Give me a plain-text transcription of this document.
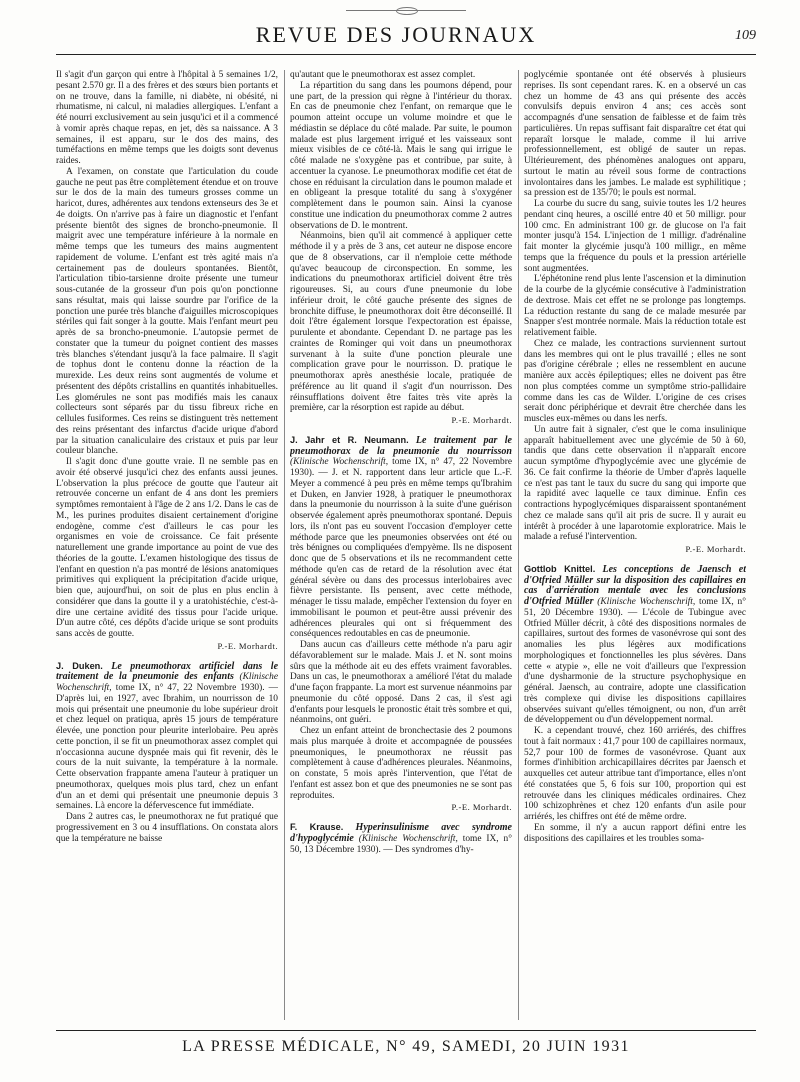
REVUE DES JOURNAUX	109

Il s'agit d'un garçon qui entre à l'hôpital à 5 semaines 1/2, pesant 2.570 gr. Il a des frères et des sœurs bien portants et on ne trouve, dans la famille, ni diabète, ni obésité, ni rhumatisme, ni calcul, ni maladies allergiques. L'enfant a été nourri exclusivement au sein jusqu'ici et il a commencé à vomir après chaque repas, en jet, dès sa naissance. A 3 semaines, il est apparu, sur le dos des mains, des tuméfactions en même temps que les doigts sont devenus raides.

A l'examen, on constate que l'articulation du coude gauche ne peut pas être complètement étendue et on trouve sur le dos de la main des tumeurs grosses comme un haricot, dures, adhérentes aux tendons extenseurs des 3e et 4e doigts. On n'arrive pas à faire un diagnostic et l'enfant présente bientôt des signes de broncho-pneumonie. Il maigrit avec une température inférieure à la normale en même temps que les tumeurs des mains augmentent rapidement de volume. L'enfant est très agité mais n'a certainement pas de douleurs spontanées. Bientôt, l'articulation tibio-tarsienne droite présente une tumeur sous-cutanée de la grosseur d'un pois qu'on ponctionne sans résultat, mais qui laisse sourdre par l'orifice de la ponction une purée très blanche d'aiguilles microscopiques stériles qui fait songer à la goutte. Mais l'enfant meurt peu après de sa broncho-pneumonie. L'autopsie permet de constater que la tumeur du poignet contient des masses très blanches s'étendant jusqu'à la face palmaire. Il s'agit de tophus dont le contenu donne la réaction de la murexide. Les deux reins sont augmentés de volume et présentent des dépôts cristallins en quantités inhabituelles. Les glomérules ne sont pas modifiés mais les canaux collecteurs sont séparés par du tissu fibreux riche en cellules fusiformes. Ces reins se distinguent très nettement des reins présentant des infarctus d'acide urique d'abord par la situation canaliculaire des cristaux et puis par leur couleur blanche.

Il s'agit donc d'une goutte vraie. Il ne semble pas en avoir été observé jusqu'ici chez des enfants aussi jeunes. L'observation la plus précoce de goutte que l'auteur ait retrouvée concerne un enfant de 4 ans dont les premiers symptômes remontaient à l'âge de 2 ans 1/2. Dans le cas de M., les purines produites disaient certainement d'origine endogène, comme c'est d'ailleurs le cas pour les organismes en voie de croissance. Ce fait présente naturellement une grande importance au point de vue des théories de la goutte. L'examen histologique des tissus de l'enfant en question n'a pas montré de lésions anatomiques primitives qui expliquent la précipitation d'acide urique, bien que, aujourd'hui, on soit de plus en plus enclin à considérer que dans la goutte il y a uratohistéchie, c'est-à-dire une certaine avidité des tissus pour l'acide urique. D'un autre côté, ces dépôts d'acide urique se sont produits sans accès de goutte.

P.-E. Morhardt.

J. Duken. Le pneumothorax artificiel dans le traitement de la pneumonie des enfants (Klinische Wochenschrift, tome IX, n° 47, 22 Novembre 1930). — D'après lui, en 1927, avec Ibrahim, un nourrisson de 10 mois qui présentait une pneumonie du lobe supérieur droit et chez lequel on pratiqua, après 15 jours de température élevée, une ponction pour pleurite interlobaire. Peu après cette ponction, il se fit un pneumothorax assez complet qui n'occasionna aucune dyspnée mais qui fit revenir, dès le cours de la nuit suivante, la température à la normale. Cette observation frappante amena l'auteur à pratiquer un pneumothorax, quelques mois plus tard, chez un enfant d'un an et demi qui présentait une pneumonie depuis 3 semaines. Là encore la défervescence fut immédiate.

Dans 2 autres cas, le pneumothorax ne fut pratiqué que progressivement en 3 ou 4 insufflations. On constata alors que la température ne baisse

qu'autant que le pneumothorax est assez complet.

La répartition du sang dans les poumons dépend, pour une part, de la pression qui règne à l'intérieur du thorax. En cas de pneumonie chez l'enfant, on remarque que le poumon atteint occupe un volume moindre et que le médiastin se déplace du côté malade. Par suite, le poumon malade est plus largement irrigué et les vaisseaux sont mieux visibles de ce côté-là. Mais le sang qui irrigue le côté malade ne s'oxygène pas et contribue, par suite, à accentuer la cyanose. Le pneumothorax modifie cet état de chose en réduisant la circulation dans le poumon malade et en obligeant la presque totalité du sang à s'oxygéner complètement dans le poumon sain. Ainsi la cyanose constitue une indication du pneumothorax comme 2 autres observations de D. le montrent.

Néanmoins, bien qu'il ait commencé à appliquer cette méthode il y a près de 3 ans, cet auteur ne dispose encore que de 8 observations, car il n'emploie cette méthode qu'avec beaucoup de circonspection. En somme, les indications du pneumothorax artificiel doivent être très rigoureuses. Si, au cours d'une pneumonie du lobe inférieur droit, le côté gauche présente des signes de bronchite diffuse, le pneumothorax doit être déconseillé. Il doit l'être également lorsque l'expectoration est épaisse, purulente et abondante. Cependant D. ne partage pas les craintes de Rominger qui voit dans un pneumothorax survenant à la suite d'une ponction pleurale une complication grave pour le nourrisson. D. pratique le pneumothorax après anesthésie locale, pratiquée de préférence au lit quand il s'agit d'un nourrisson. Des réinsufflations doivent être faites très vite après la première, car la résorption est rapide au début.

P.-E. Morhardt.

J. Jahr et R. Neumann. Le traitement par le pneumothorax de la pneumonie du nourrisson (Klinische Wochenschrift, tome IX, n° 47, 22 Novembre 1930). — J. et N. rapportent dans leur article que L.-F. Meyer a commencé à peu près en même temps qu'Ibrahim et Duken, en Janvier 1928, à pratiquer le pneumothorax dans la pneumonie du nourrisson à la suite d'une guérison observée également après pneumothorax spontané. Depuis lors, ils n'ont pas eu souvent l'occasion d'employer cette méthode parce que les pneumonies observées ont été ou très bénignes ou compliquées d'empyème. Ils ne disposent donc que de 5 observations et ils ne recommandent cette méthode qu'en cas de retard de la résolution avec état général sévère ou dans des processus interlobaires avec fièvre persistante. Ils pensent, avec cette méthode, ménager le tissu malade, empêcher l'extension du foyer en immobilisant le poumon et peut-être aussi prévenir des adhérences pleurales qui ont si fréquemment des conséquences redoutables en cas de pneumonie.

Dans aucun cas d'ailleurs cette méthode n'a paru agir défavorablement sur le malade. Mais J. et N. sont moins sûrs que la méthode ait eu des effets vraiment favorables. Dans un cas, le pneumothorax a amélioré l'état du malade d'une façon frappante. La mort est survenue néanmoins par pneumonie du côté opposé. Dans 2 cas, il s'est agi d'enfants pour lesquels le pronostic était très sombre et qui, néanmoins, ont guéri.

Chez un enfant atteint de bronchectasie des 2 poumons mais plus marquée à droite et accompagnée de poussées pneumoniques, le pneumothorax ne réussit pas complètement à cause d'adhérences pleurales. Néanmoins, on constate, 5 mois après l'intervention, que l'état de l'enfant est assez bon et que des pneumonies ne se sont pas reproduites.

P.-E. Morhardt.

F. Krause. Hyperinsulinisme avec syndrome d'hypoglycémie (Klinische Wochenschrift, tome IX, n° 50, 13 Décembre 1930). — Des syndromes d'hy-

poglycémie spontanée ont été observés à plusieurs reprises. Ils sont cependant rares. K. en a observé un cas chez un homme de 43 ans qui présente des accès convulsifs depuis environ 4 ans; ces accès sont accompagnés d'une sensation de faiblesse et de faim très particulières. Un repas suffisant fait disparaître cet état qui reparaît lorsque le malade, comme il lui arrive professionnellement, est obligé de sauter un repas. Ultérieurement, des phénomènes analogues ont apparu, surtout le matin au réveil sous forme de contractions involontaires dans les jambes. Le malade est syphilitique ; sa pression est de 135/70; le pouls est normal.

La courbe du sucre du sang, suivie toutes les 1/2 heures pendant cinq heures, a oscillé entre 40 et 50 milligr. pour 100 cmc. En administrant 100 gr. de glucose on l'a fait monter jusqu'à 154. L'injection de 1 milligr. d'adrénaline fait monter la glycémie jusqu'à 100 milligr., en même temps que la fréquence du pouls et la pression artérielle sont augmentées.

L'éphétonine rend plus lente l'ascension et la diminution de la courbe de la glycémie consécutive à l'administration de dextrose. Mais cet effet ne se prolonge pas longtemps. La réduction restante du sang de ce malade mesurée par Snapper s'est montrée normale. Mais la réduction totale est relativement faible.

Chez ce malade, les contractions surviennent surtout dans les membres qui ont le plus travaillé ; elles ne sont pas d'origine cérébrale ; elles ne ressemblent en aucune manière aux accès épileptiques; elles ne doivent pas être non plus comptées comme un symptôme strio-pallidaire comme dans les cas de Wilder. L'origine de ces crises serait donc périphérique et devrait être cherchée dans les muscles eux-mêmes ou dans les nerfs.

Un autre fait à signaler, c'est que le coma insulinique apparaît habituellement avec une glycémie de 50 à 60, tandis que dans cette observation il n'apparaît encore aucun symptôme d'hypoglycémie avec une glycémie de 36. Ce fait confirme la théorie de Umber d'après laquelle ce n'est pas tant le taux du sucre du sang qui importe que la rapidité avec laquelle ce taux diminue. Enfin ces contractions hypoglycémiques disparaissent spontanément chez ce malade sans qu'il ait pris de sucre. Il y aurait eu intérêt à procéder à une laparotomie exploratrice. Mais le malade a refusé l'intervention.

P.-E. Morhardt.

Gottlob Knittel. Les conceptions de Jaensch et d'Otfried Müller sur la disposition des capillaires en cas d'arriération mentale avec les conclusions d'Otfried Müller (Klinische Wochenschrift, tome IX, n° 51, 20 Décembre 1930). — L'école de Tubingue avec Otfried Müller décrit, à côté des dispositions normales de capillaires, surtout des formes de vasonévrose qui sont des anomalies les plus légères aux modifications morphologiques et fonctionnelles les plus sévères. Dans cette « atypie », elle ne voit d'ailleurs que l'expression d'une dysharmonie de la structure psychophysique en général. Jaensch, au contraire, adopte une classification très complexe qui divise les dispositions capillaires observées suivant qu'elles témoignent, ou non, d'un arrêt de développement ou d'un développement normal.

K. a cependant trouvé, chez 160 arriérés, des chiffres tout à fait normaux : 41,7 pour 100 de capillaires normaux, 52,7 pour 100 de formes de vasonévrose. Quant aux formes d'inhibition archicapillaires décrites par Jaensch et auxquelles cet auteur attribue tant d'importance, elles n'ont été constatées que 5, 6 fois sur 100, proportion qui est retrouvée dans les cliniques médicales ordinaires. Chez 100 schizophrènes et chez 120 enfants d'un asile pour arriérés, les chiffres ont été de même ordre.

En somme, il n'y a aucun rapport défini entre les dispositions des capillaires et les troubles soma-

LA PRESSE MÉDICALE, N° 49, SAMEDI, 20 JUIN 1931
